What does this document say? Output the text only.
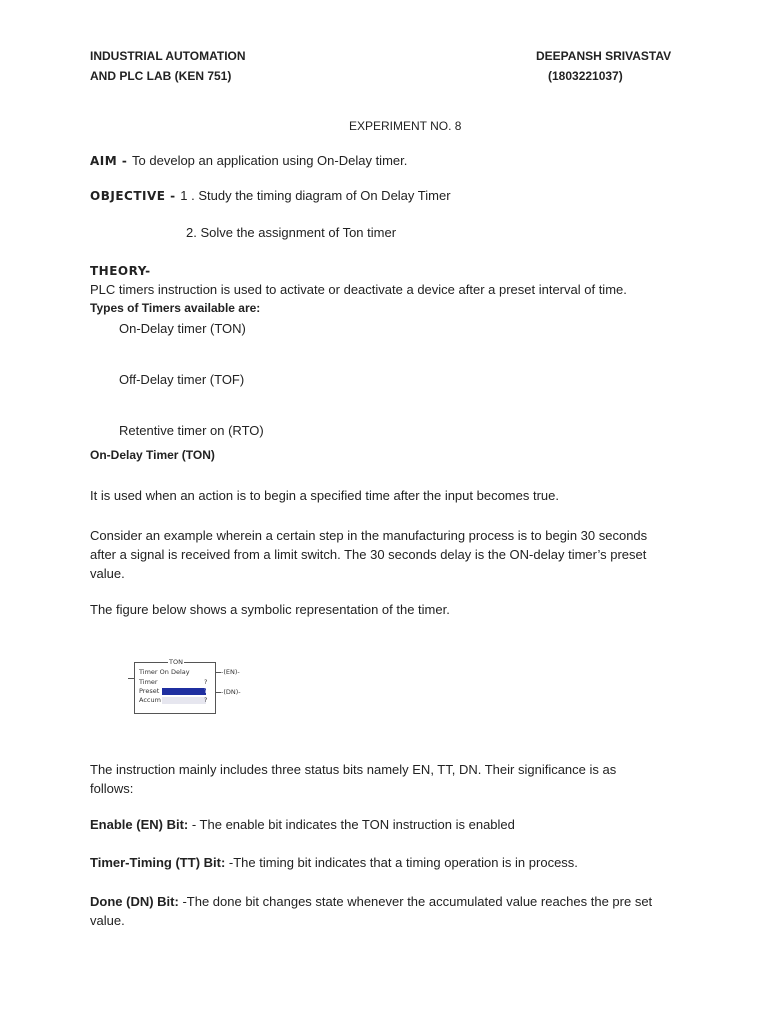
INDUSTRIAL AUTOMATION
AND PLC LAB (KEN 751)
DEEPANSH SRIVASTAV
(1803221037)
EXPERIMENT NO. 8
AIM - To develop an application using On-Delay timer.
OBJECTIVE - 1 . Study the timing diagram of On Delay Timer
2. Solve the assignment of Ton timer
THEORY-
PLC timers instruction is used to activate or deactivate a device after a preset interval of time.
Types of Timers available are:
On-Delay timer (TON)
Off-Delay timer (TOF)
Retentive timer on (RTO)
On-Delay Timer (TON)
It is used when an action is to begin a specified time after the input becomes true.
Consider an example wherein a certain step in the manufacturing process is to begin 30 seconds after a signal is received from a limit switch. The 30 seconds delay is the ON-delay timer’s preset value.
The figure below shows a symbolic representation of the timer.
TON
Timer On Delay
Timer	?
Preset	?
Accum	?
-(EN)-
-(DN)-
The instruction mainly includes three status bits namely EN, TT, DN. Their significance is as follows:
Enable (EN) Bit: - The enable bit indicates the TON instruction is enabled
Timer-Timing (TT) Bit: -The timing bit indicates that a timing operation is in process.
Done (DN) Bit: -The done bit changes state whenever the accumulated value reaches the pre set value.
